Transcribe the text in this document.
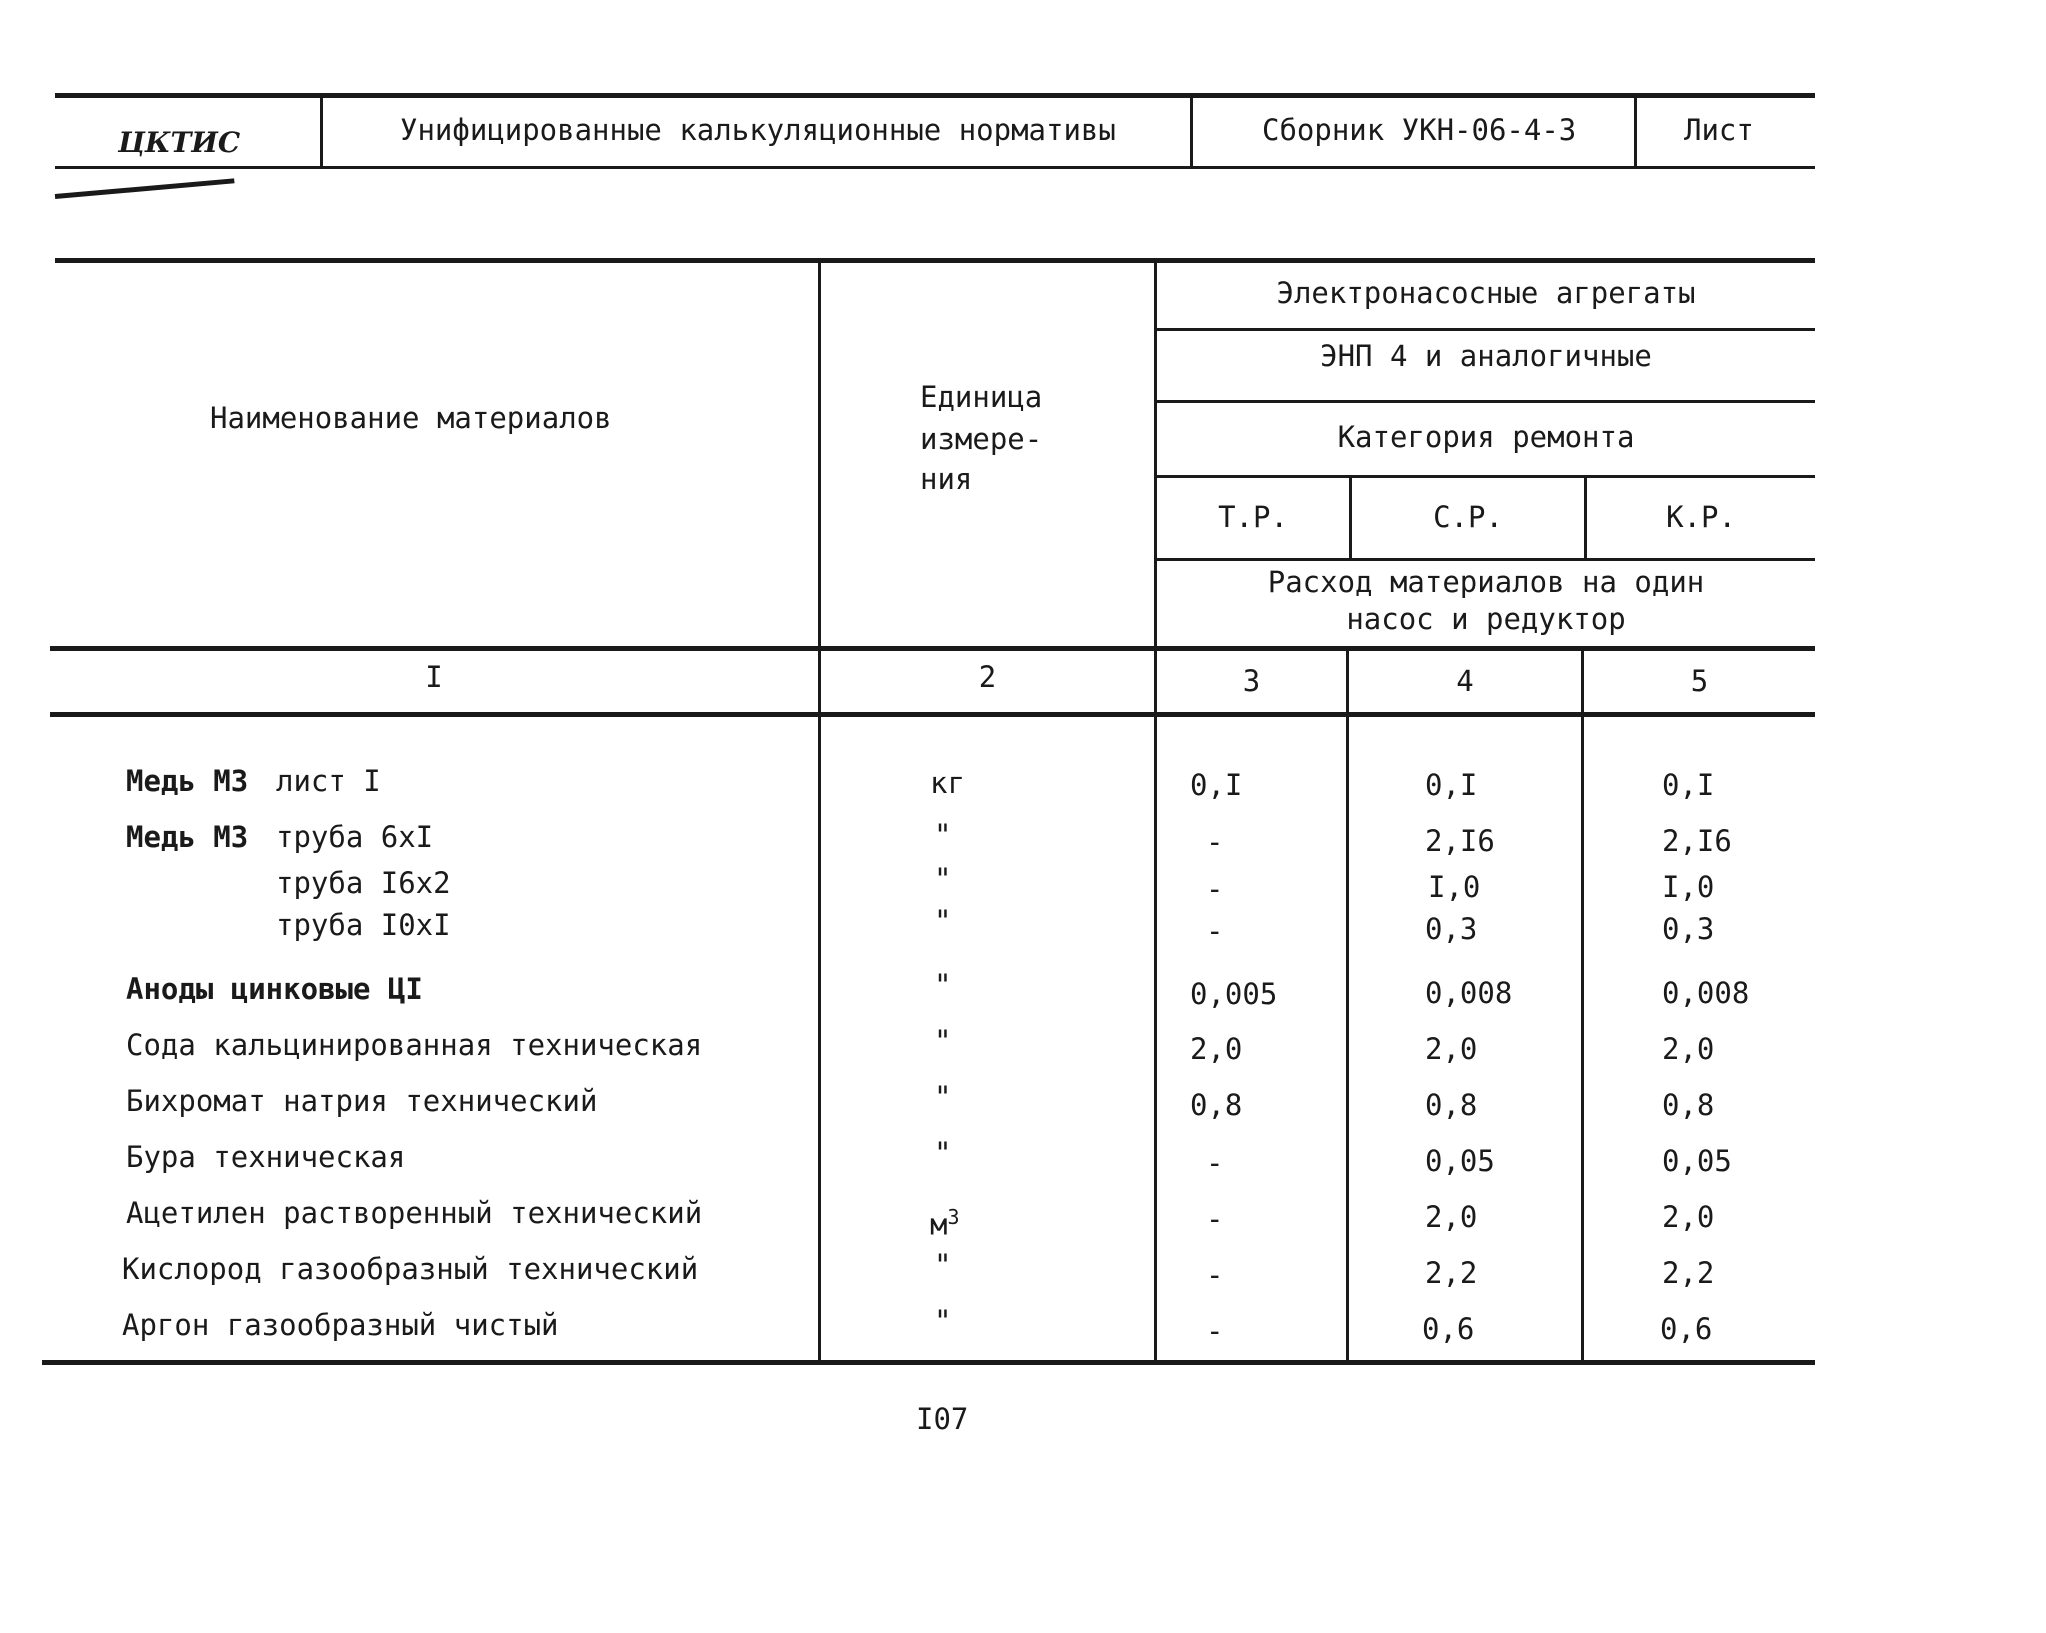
ЦКТИС	Унифицированные калькуляционные нормативы	Сборник УКН-06-4-3	Лист
Наименование материалов
Единица
измере-
ния
Электронасосные агрегаты
ЭНП 4 и аналогичные
Категория ремонта
Т.Р.	С.Р.	К.Р.
Расход материалов на один
насос и редуктор
I	2	3	4	5
Медь МЗ лист I	кг	0,I	0,I	0,I
Медь МЗ труба 6xI	"	-	2,I6	2,I6
труба I6x2	"	-	I,0	I,0
труба I0xI	"	-	0,3	0,3
Аноды цинковые ЦI	"	0,005	0,008	0,008
Сода кальцинированная техническая	"	2,0	2,0	2,0
Бихромат натрия технический	"	0,8	0,8	0,8
Бура техническая	"	-	0,05	0,05
Ацетилен растворенный технический	$м^3$	-	2,0	2,0
Кислород газообразный технический	"	-	2,2	2,2
Аргон газообразный чистый	"	-	0,6	0,6
I07
